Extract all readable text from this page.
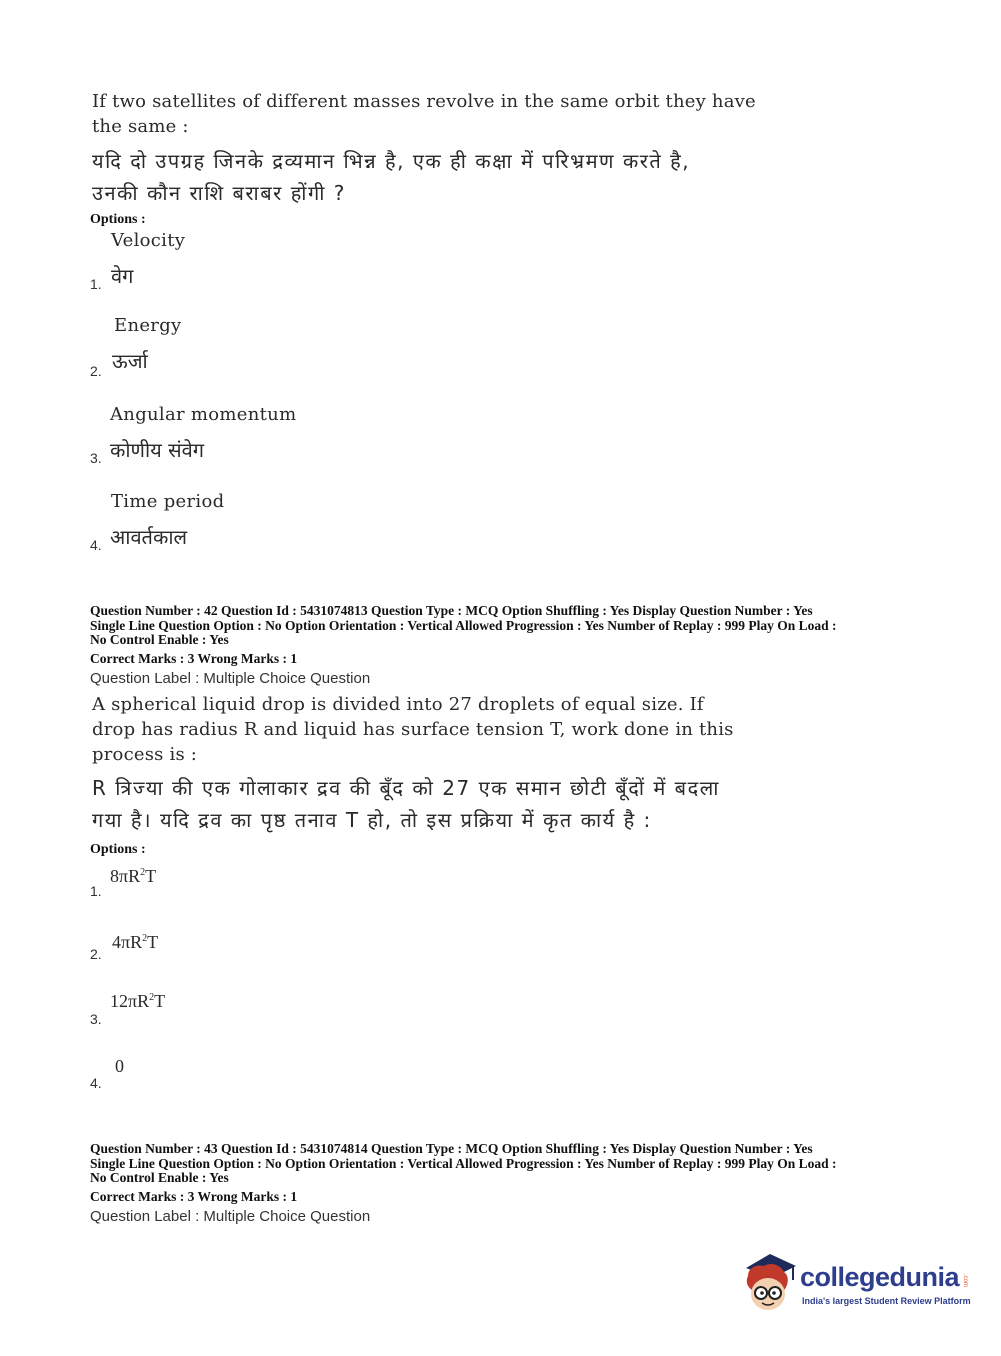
If two satellites of different masses revolve in the same orbit they have
the same :
यदि दो उपग्रह जिनके द्रव्यमान भिन्न है, एक ही कक्षा में परिभ्रमण करते है,
उनकी कौन राशि बराबर होंगी ?
Options :
Velocity
वेग
1.
Energy
ऊर्जा
2.
Angular momentum
कोणीय संवेग
3.
Time period
आवर्तकाल
4.
Question Number : 42 Question Id : 5431074813 Question Type : MCQ Option Shuffling : Yes Display Question Number : Yes
Single Line Question Option : No Option Orientation : Vertical Allowed Progression : Yes Number of Replay : 999 Play On Load :
No Control Enable : Yes
Correct Marks : 3 Wrong Marks : 1
Question Label : Multiple Choice Question
A spherical liquid drop is divided into 27 droplets of equal size. If
drop has radius R and liquid has surface tension T, work done in this
process is :
R त्रिज्या की एक गोलाकार द्रव की बूँद को 27 एक समान छोटी बूँदों में बदला
गया है। यदि द्रव का पृष्ठ तनाव T हो, तो इस प्रक्रिया में कृत कार्य है :
Options :
$8\pi R^2T$
1.
$4\pi R^2T$
2.
$12\pi R^2T$
3.
0
4.
Question Number : 43 Question Id : 5431074814 Question Type : MCQ Option Shuffling : Yes Display Question Number : Yes
Single Line Question Option : No Option Orientation : Vertical Allowed Progression : Yes Number of Replay : 999 Play On Load :
No Control Enable : Yes
Correct Marks : 3 Wrong Marks : 1
Question Label : Multiple Choice Question
collegedunia .com
India's largest Student Review Platform
